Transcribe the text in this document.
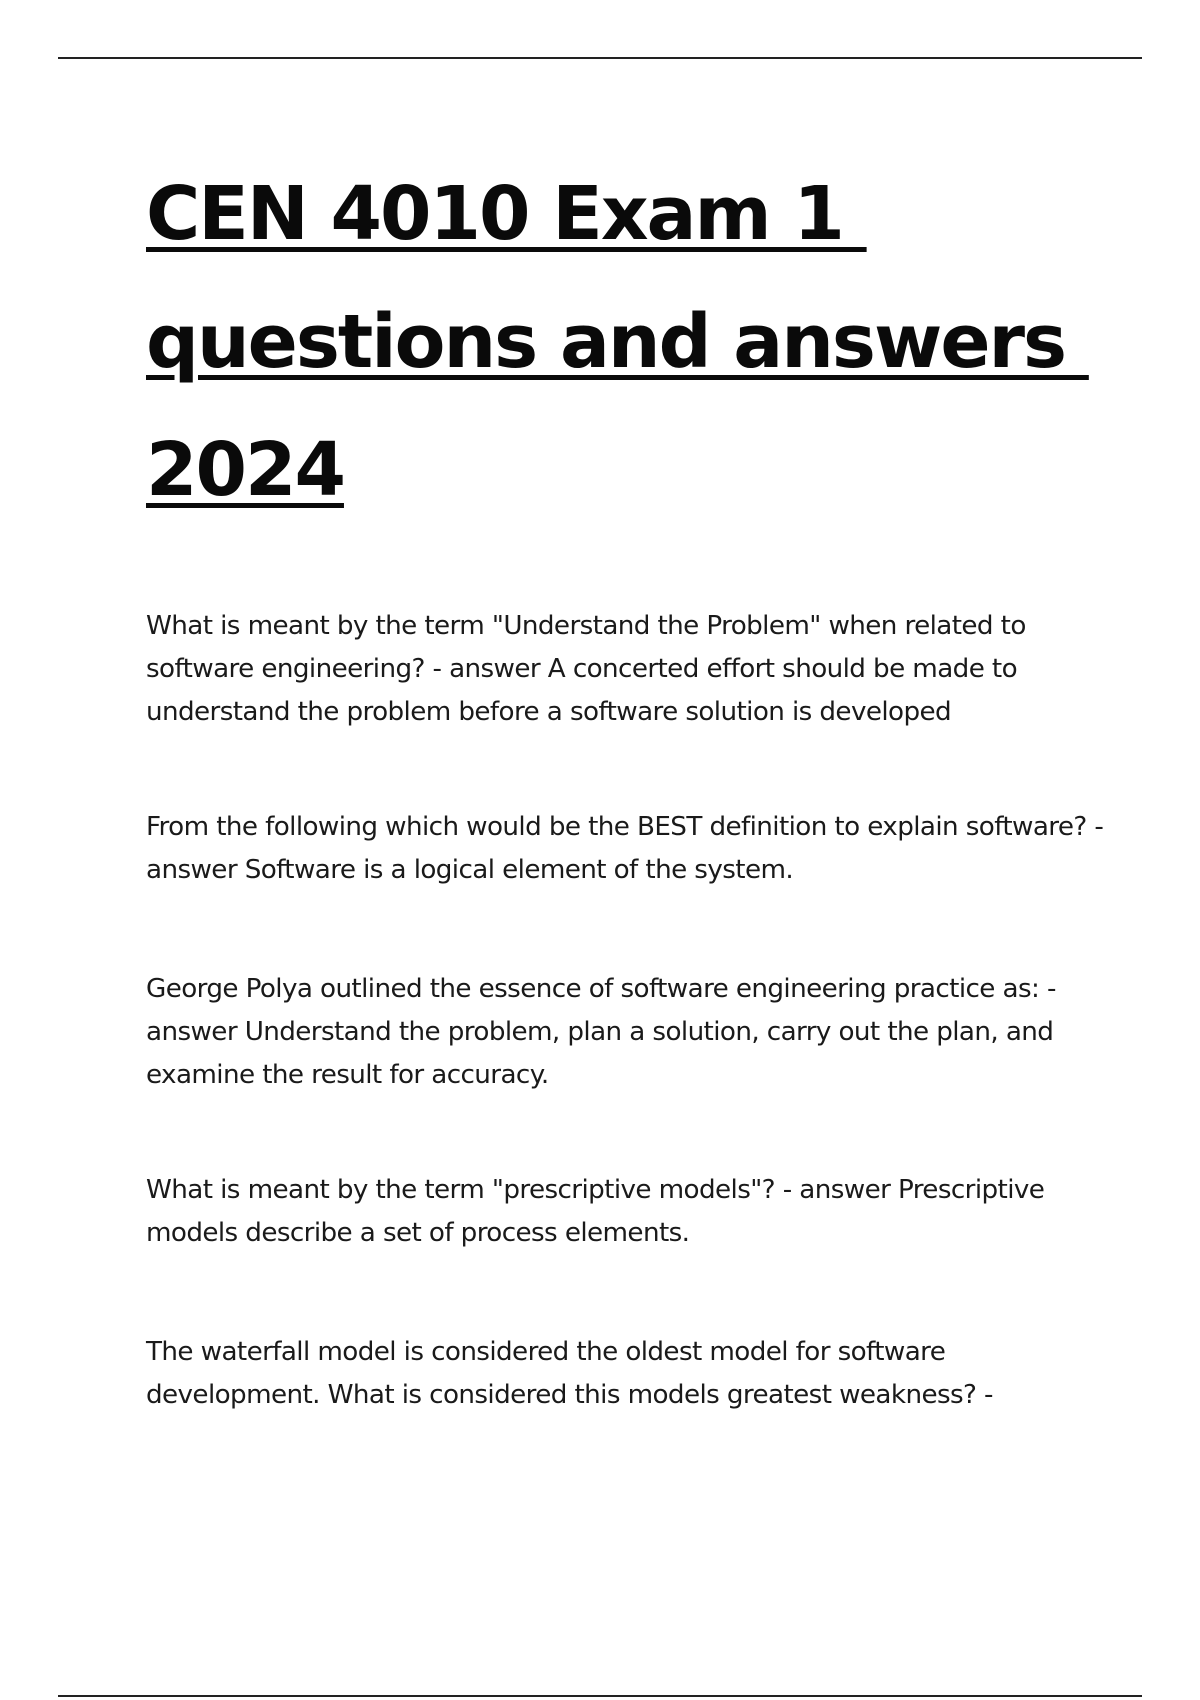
CEN 4010 Exam 1
questions and answers
2024

What is meant by the term "Understand the Problem" when related to software engineering? - answer A concerted effort should be made to understand the problem before a software solution is developed

From the following which would be the BEST definition to explain software? - answer Software is a logical element of the system.

George Polya outlined the essence of software engineering practice as: - answer Understand the problem, plan a solution, carry out the plan, and examine the result for accuracy.

What is meant by the term "prescriptive models"? - answer Prescriptive models describe a set of process elements.

The waterfall model is considered the oldest model for software development. What is considered this models greatest weakness? -
